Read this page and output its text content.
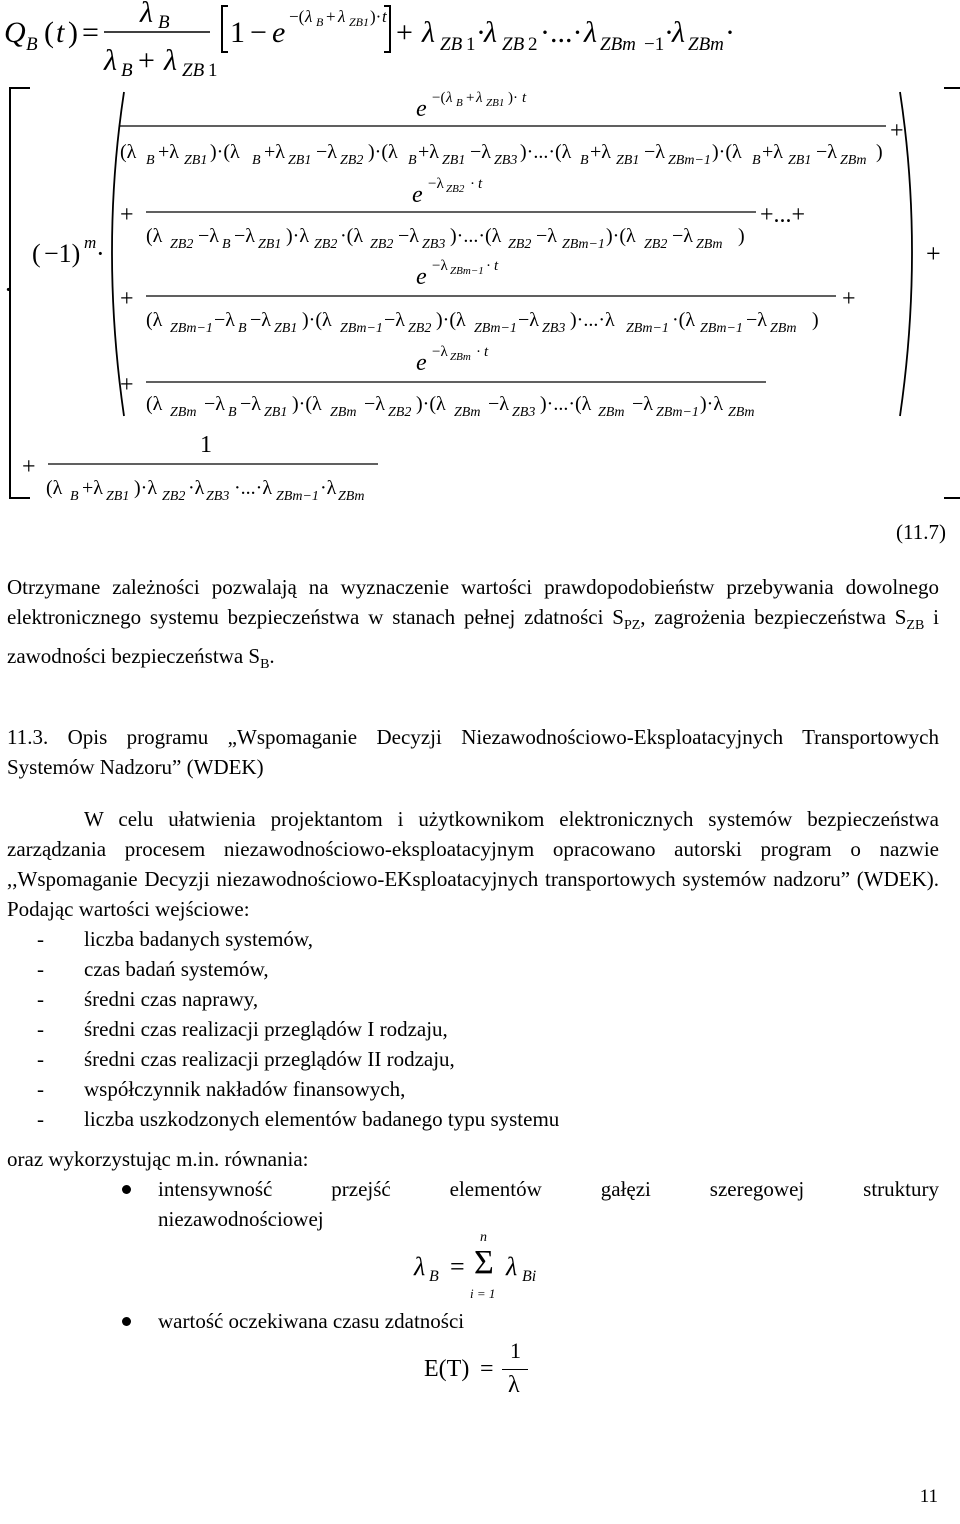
Q B ( t ) =
λ B
λ B + λ ZB 1
1 − e −( λ B + λ ZB1 )· t + λ ZB 1 ·
λ ZB 2 ·...· λ ZBm −1 ·
λ ZBm ·
·
( −1) m ·
e −( λ B + λ ZB1 )· t
(λ B +λ ZB1 )·(λ B +λ ZB1 −λ ZB2 )·(λ B +λ ZB1 −λ ZB3 )·...·(λ B +λ ZB1 −λ ZBm−1 )·(λ B +λ ZB1 −λ ZBm )
+
e −λ ZB2 · t
+
(λ ZB2 −λ B −λ ZB1 )·λ ZB2 ·(λ ZB2 −λ ZB3 )·...·(λ ZB2 −λ ZBm−1 )·(λ ZB2 −λ ZBm )
+...+
+
e −λ ZBm−1 · t
+
(λ ZBm−1 −λ B −λ ZB1 )·(λ ZBm−1 −λ ZB2 )·(λ ZBm−1 −λ ZB3 )·...·λ ZBm−1 ·(λ ZBm−1 −λ ZBm )
+
e −λ ZBm · t
+
(λ ZBm −λ B −λ ZB1 )·(λ ZBm −λ ZB2 )·(λ ZBm −λ ZB3 )·...·(λ ZBm −λ ZBm−1 )·λ ZBm
1
+
(λ B +λ ZB1 )·λ ZB2 ·λ ZB3 ·...·λ ZBm−1 ·λ ZBm
(11.7)

Otrzymane zależności pozwalają na wyznaczenie wartości prawdopodobieństw przebywania dowolnego elektronicznego systemu bezpieczeństwa w stanach pełnej zdatności $S_{PZ}$, zagrożenia bezpieczeństwa $S_{ZB}$ i zawodności bezpieczeństwa $S_B$.

11.3. Opis programu „Wspomaganie Decyzji Niezawodnościowo-Eksploatacyjnych Transportowych Systemów Nadzoru” (WDEK)
W celu ułatwienia projektantom i użytkownikom elektronicznych systemów bezpieczeństwa zarządzania procesem niezawodnościowo-eksploatacyjnym opracowano autorski program o nazwie ,,Wspomaganie Decyzji niezawodnościowo-EKsploatacyjnych transportowych systemów nadzoru” (WDEK). Podając wartości wejściowe:
- liczba badanych systemów,
- czas badań systemów,
- średni czas naprawy,
- średni czas realizacji przeglądów I rodzaju,
- średni czas realizacji przeglądów II rodzaju,
- współczynnik nakładów finansowych,
- liczba uszkodzonych elementów badanego typu systemu
oraz wykorzystując m.in. równania:
intensywność przejść elementów gałęzi szeregowej struktury
niezawodnościowej
λ B =
n
Σ
i = 1
λ Bi
wartość oczekiwana czasu zdatności
E(T) =
1
λ
11
